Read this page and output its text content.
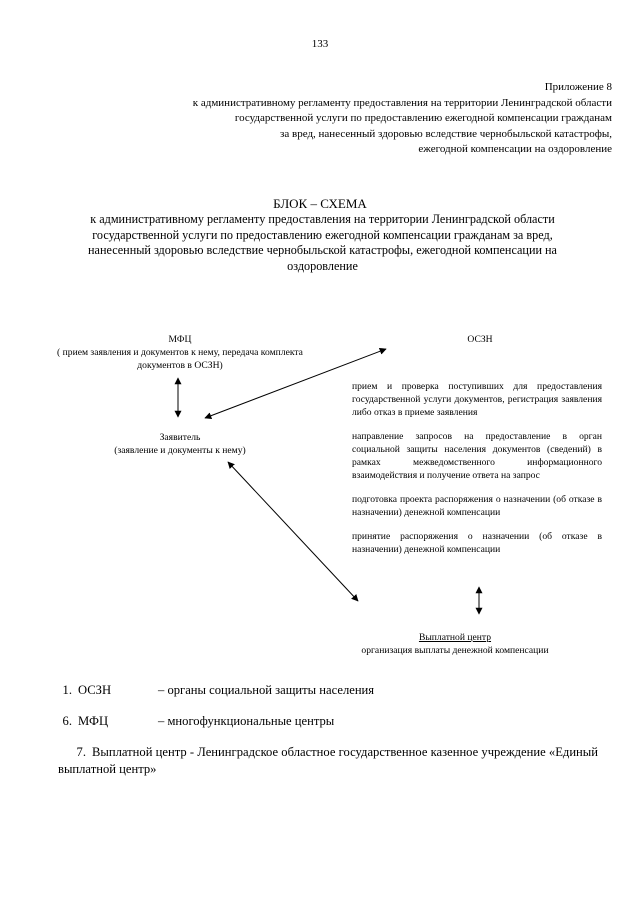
133
Приложение 8
к административному регламенту предоставления на территории Ленинградской области
государственной услуги по предоставлению ежегодной компенсации гражданам
за вред, нанесенный здоровью вследствие чернобыльской катастрофы,
ежегодной компенсации на оздоровление
БЛОК – СХЕМА
к административному регламенту предоставления на территории Ленинградской области
государственной услуги по предоставлению ежегодной компенсации гражданам за вред,
нанесенный здоровью вследствие чернобыльской катастрофы, ежегодной компенсации на
оздоровление
МФЦ
( прием заявления и документов к нему, передача комплекта документов в ОСЗН)
Заявитель
(заявление и документы к нему)
ОСЗН

прием и проверка поступивших для предоставления государственной услуги документов, регистрация заявления либо отказ в приеме заявления

направление запросов на предоставление в орган социальной защиты населения документов (сведений) в рамках межведомственного информационного взаимодействия и получение ответа на запрос

подготовка проекта распоряжения о назначении (об отказе в назначении) денежной компенсации

принятие распоряжения о назначении (об отказе в назначении) денежной компенсации

Выплатной центр
организация выплаты денежной компенсации
1. ОСЗН	– органы социальной защиты населения
6. МФЦ	– многофункциональные центры
7. Выплатной центр - Ленинградское областное государственное казенное учреждение «Единый выплатной центр»
